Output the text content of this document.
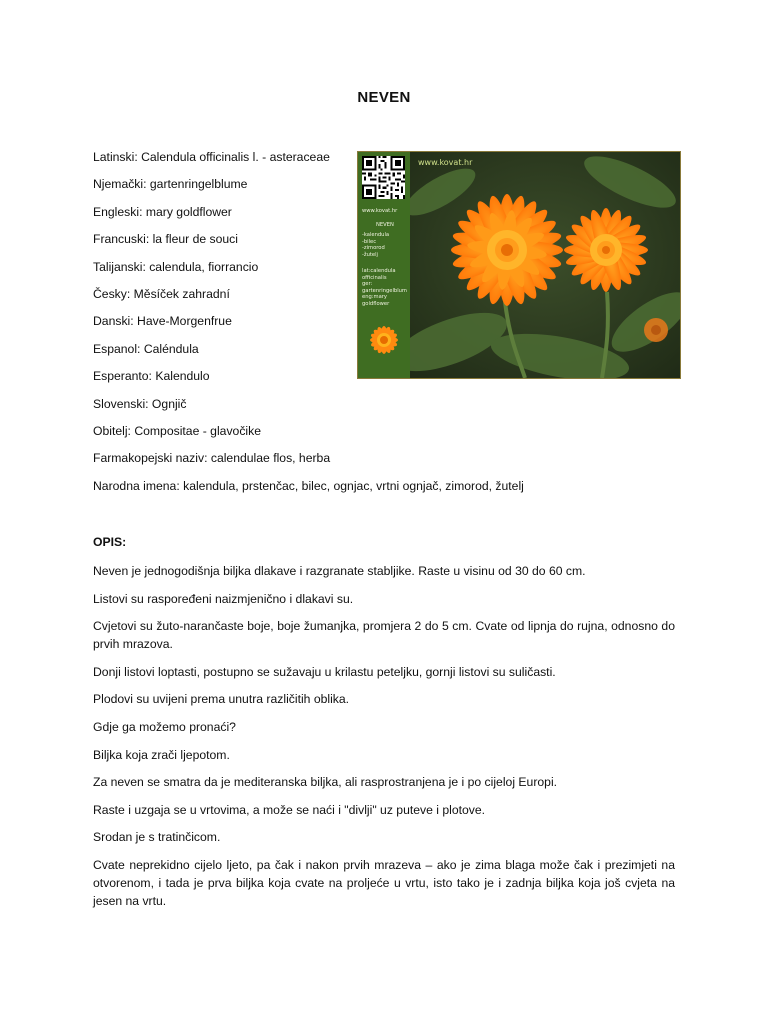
NEVEN
Latinski: Calendula officinalis l. - asteraceae
Njemački: gartenringelblume
Engleski: mary goldflower
Francuski: la fleur de souci
Talijanski: calendula, fiorrancio
Česky: Měsíček zahradní
Danski: Have-Morgenfrue
Espanol: Caléndula
Esperanto: Kalendulo
Slovenski: Ognjič
Obitelj: Compositae - glavočike
Farmakopejski naziv: calendulae flos, herba
Narodna imena: kalendula, prstenčac, bilec, ognjac, vrtni ognjač, zimorod, žutelj
www.kovat.hr
NEVEN
-kalendula
-bilec
-zimorod
-žutelj
lat:calendula
officinalis
ger:
gartenringelblum
eng:mary
goldflower
www.kovat.hr
OPIS:

Neven je jednogodišnja biljka dlakave i razgranate stabljike. Raste u visinu od 30 do 60 cm.

Listovi su raspoređeni naizmjenično i dlakavi su.

Cvjetovi su žuto-narančaste boje, boje žumanjka, promjera 2 do 5 cm. Cvate od lipnja do rujna, odnosno do prvih mrazova.

Donji listovi loptasti, postupno se sužavaju u krilastu peteljku, gornji listovi su suličasti.

Plodovi su uvijeni prema unutra različitih oblika.

Gdje ga možemo pronaći?

Biljka koja zrači ljepotom.

Za neven se smatra da je mediteranska biljka, ali rasprostranjena je i po cijeloj Europi.

Raste i uzgaja se u vrtovima, a može se naći i "divlji" uz puteve i plotove.

Srodan je s tratinčicom.

Cvate neprekidno cijelo ljeto, pa čak i nakon prvih mrazeva – ako je zima blaga može čak i prezimjeti na otvorenom, i tada je prva biljka koja cvate na proljeće u vrtu, isto tako je i zadnja biljka koja još cvjeta na jesen na vrtu.
